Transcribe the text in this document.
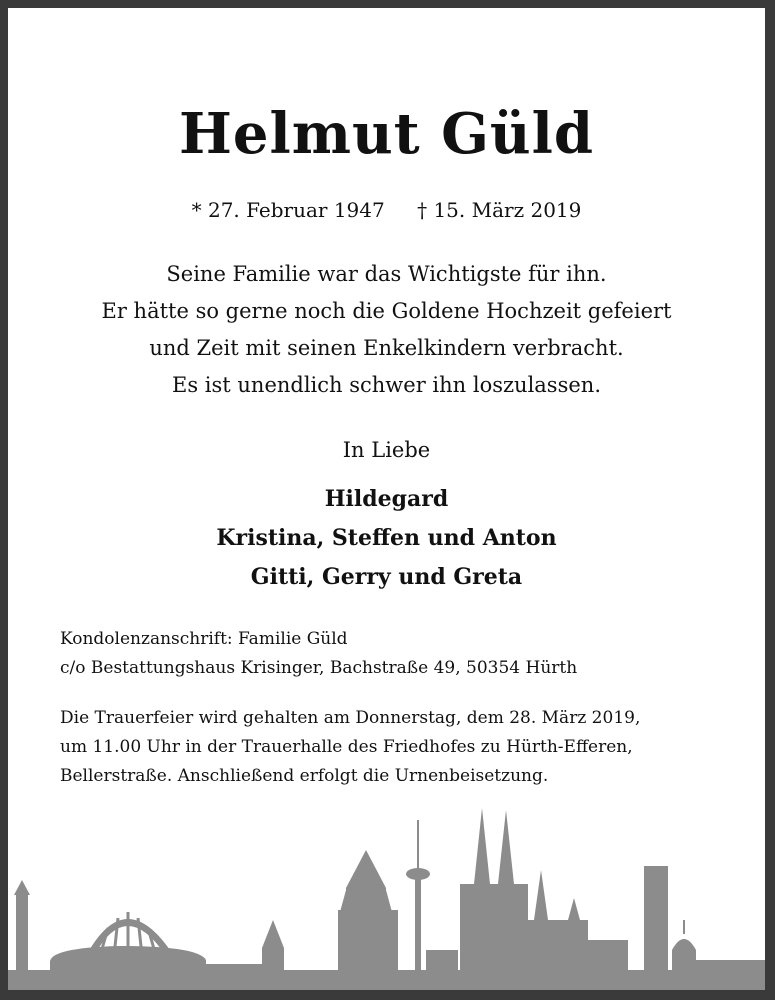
Helmut Güld
* 27. Februar 1947 † 15. März 2019
Seine Familie war das Wichtigste für ihn.
Er hätte so gerne noch die Goldene Hochzeit gefeiert
und Zeit mit seinen Enkelkindern verbracht.
Es ist unendlich schwer ihn loszulassen.
In Liebe
Hildegard
Kristina, Steffen und Anton
Gitti, Gerry und Greta
Kondolenzanschrift: Familie Güld
c/o Bestattungshaus Krisinger, Bachstraße 49, 50354 Hürth
Die Trauerfeier wird gehalten am Donnerstag, dem 28. März 2019,
um 11.00 Uhr in der Trauerhalle des Friedhofes zu Hürth-Efferen,
Bellerstraße. Anschließend erfolgt die Urnenbeisetzung.
